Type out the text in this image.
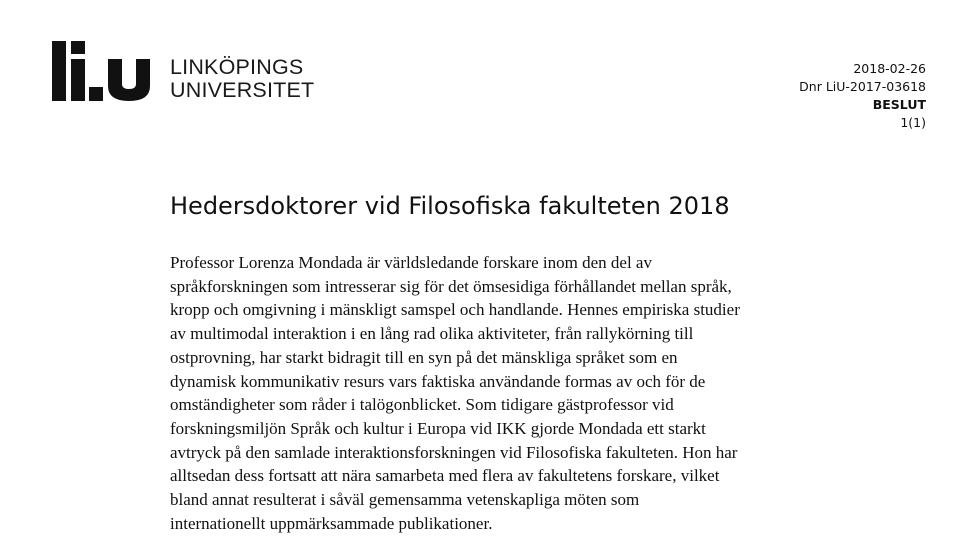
LINKÖPINGS
UNIVERSITET
2018-02-26
Dnr LiU-2017-03618
BESLUT
1(1)
Hedersdoktorer vid Filosofiska fakulteten 2018

Professor Lorenza Mondada är världsledande forskare inom den del av
språkforskningen som intresserar sig för det ömsesidiga förhållandet mellan språk,
kropp och omgivning i mänskligt samspel och handlande. Hennes empiriska studier
av multimodal interaktion i en lång rad olika aktiviteter, från rallykörning till
ostprovning, har starkt bidragit till en syn på det mänskliga språket som en
dynamisk kommunikativ resurs vars faktiska användande formas av och för de
omständigheter som råder i talögonblicket. Som tidigare gästprofessor vid
forskningsmiljön Språk och kultur i Europa vid IKK gjorde Mondada ett starkt
avtryck på den samlade interaktionsforskningen vid Filosofiska fakulteten. Hon har
alltsedan dess fortsatt att nära samarbeta med flera av fakultetens forskare, vilket
bland annat resulterat i såväl gemensamma vetenskapliga möten som
internationellt uppmärksammade publikationer.
